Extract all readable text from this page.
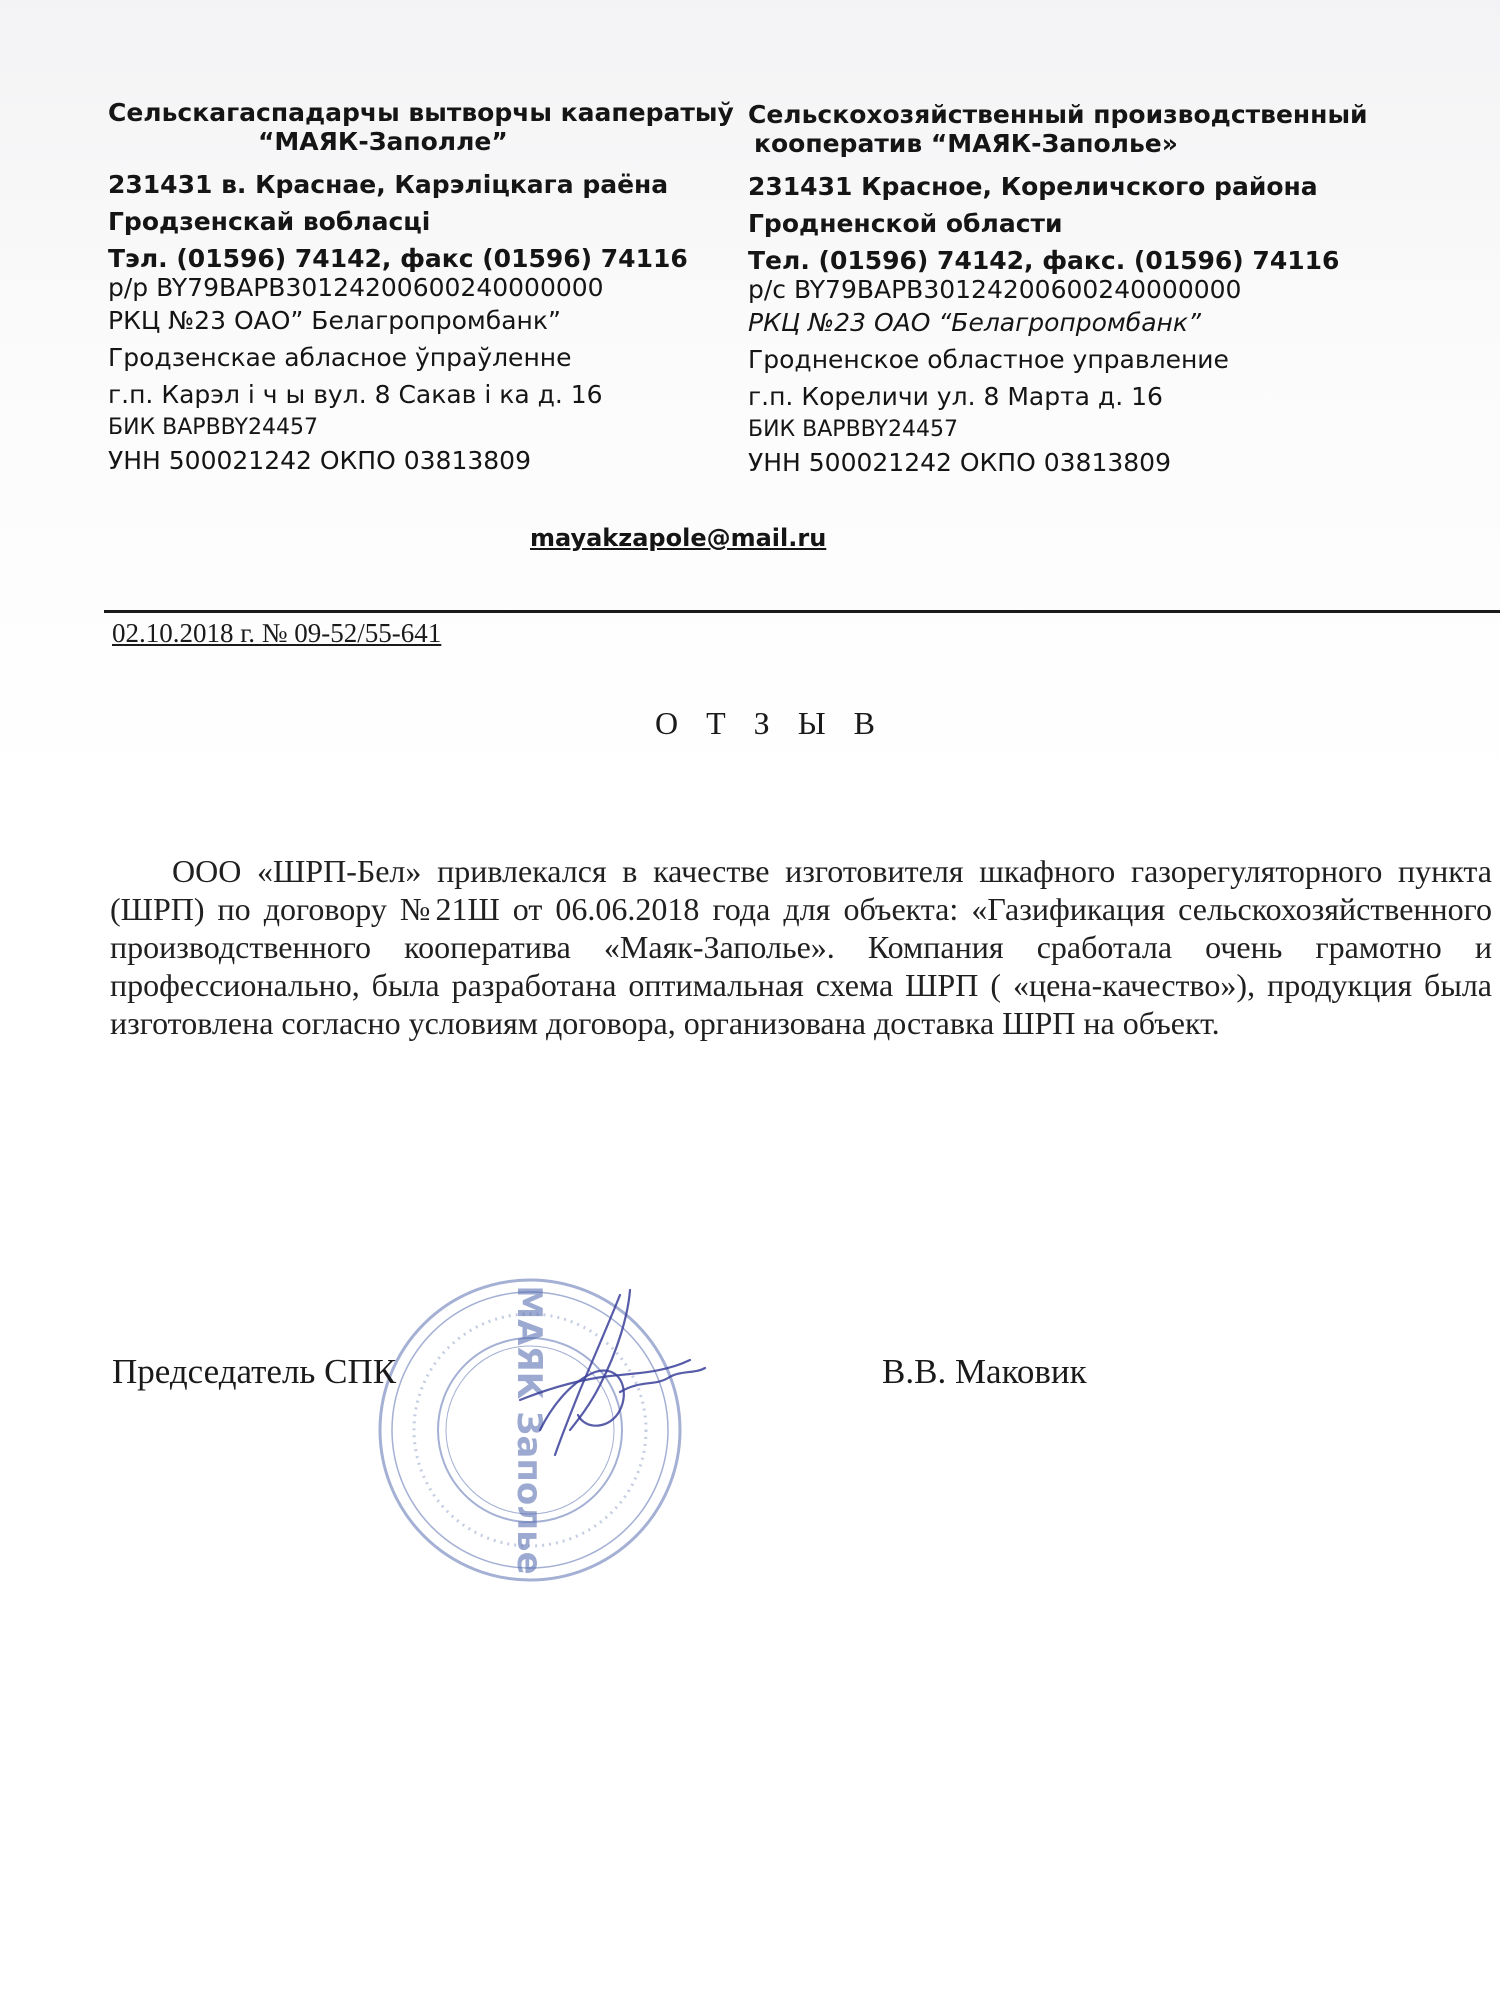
Сельскагаспадарчы вытворчы кааператыў
“МАЯК-Заполле”
231431 в. Краснае, Карэліцкага раёна
Гродзенскай вобласці
Тэл. (01596) 74142, факс (01596) 74116
р/р BY79BAPB30124200600240000000
РКЦ №23 ОАО” Белагропромбанк”
Гродзенскае абласное ўпраўленне
г.п. Карэл і ч ы вул. 8 Сакав і ка д. 16
БИК BAPBBY24457
УНН 500021242 ОКПО 03813809
Сельскохозяйственный производственный
кооператив “МАЯК-Заполье»
231431 Красное, Кореличского района
Гродненской области
Тел. (01596) 74142, факс. (01596) 74116
р/с BY79BAPB30124200600240000000
РКЦ №23 ОАО “Белагропромбанк”
Гродненское областное управление
г.п. Кореличи ул. 8 Марта д. 16
БИК BAPBBY24457
УНН 500021242 ОКПО 03813809
mayakzapole@mail.ru
02.10.2018 г. № 09-52/55-641
О Т З Ы В
ООО «ШРП-Бел» привлекался в качестве изготовителя шкафного газорегуляторного пункта (ШРП) по договору №21Ш от 06.06.2018 года для объекта: «Газификация сельскохозяйственного производственного кооператива «Маяк-Заполье». Компания сработала очень грамотно и профессионально, была разработана оптимальная схема ШРП ( «цена-качество»), продукция была изготовлена согласно условиям договора, организована доставка ШРП на объект.
МАЯК Заполье
Председатель СПК	В.В. Маковик
